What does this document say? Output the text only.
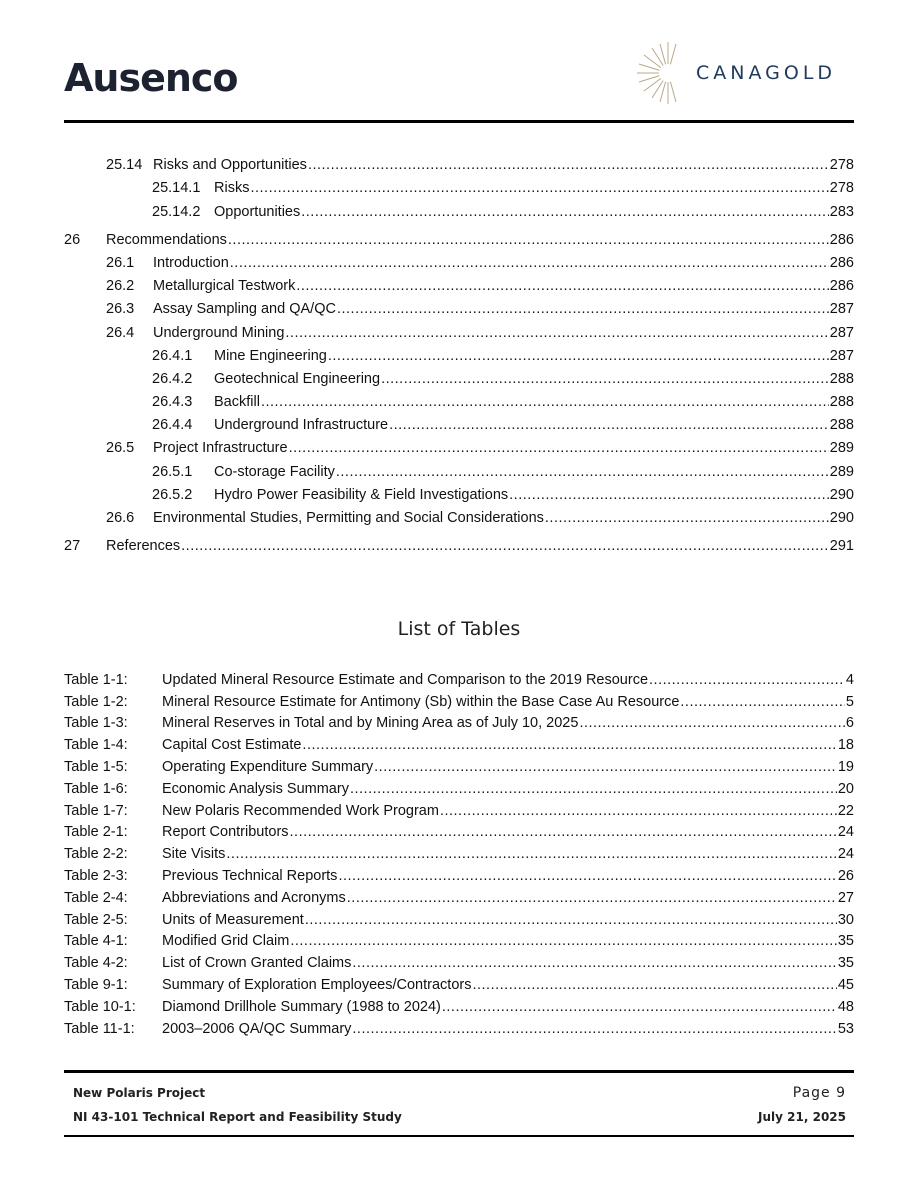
Ausenco	CANAGOLD
25.14 Risks and Opportunities .....	278
25.14.1 Risks .....	278
25.14.2 Opportunities .....	283
26 Recommendations .....	286
26.1 Introduction .....	286
26.2 Metallurgical Testwork .....	286
26.3 Assay Sampling and QA/QC .....	287
26.4 Underground Mining .....	287
26.4.1 Mine Engineering .....	287
26.4.2 Geotechnical Engineering .....	288
26.4.3 Backfill .....	288
26.4.4 Underground Infrastructure .....	288
26.5 Project Infrastructure .....	289
26.5.1 Co-storage Facility .....	289
26.5.2 Hydro Power Feasibility & Field Investigations .....	290
26.6 Environmental Studies, Permitting and Social Considerations .....	290
27 References .....	291
List of Tables
Table 1-1: Updated Mineral Resource Estimate and Comparison to the 2019 Resource .....	4
Table 1-2: Mineral Resource Estimate for Antimony (Sb) within the Base Case Au Resource .....	5
Table 1-3: Mineral Reserves in Total and by Mining Area as of July 10, 2025 .....	6
Table 1-4: Capital Cost Estimate .....	18
Table 1-5: Operating Expenditure Summary .....	19
Table 1-6: Economic Analysis Summary .....	20
Table 1-7: New Polaris Recommended Work Program .....	22
Table 2-1: Report Contributors .....	24
Table 2-2: Site Visits .....	24
Table 2-3: Previous Technical Reports .....	26
Table 2-4: Abbreviations and Acronyms .....	27
Table 2-5: Units of Measurement .....	30
Table 4-1: Modified Grid Claim .....	35
Table 4-2: List of Crown Granted Claims .....	35
Table 9-1: Summary of Exploration Employees/Contractors .....	45
Table 10-1: Diamond Drillhole Summary (1988 to 2024) .....	48
Table 11-1: 2003–2006 QA/QC Summary .....	53
New Polaris Project
NI 43-101 Technical Report and Feasibility Study
Page 9
July 21, 2025
